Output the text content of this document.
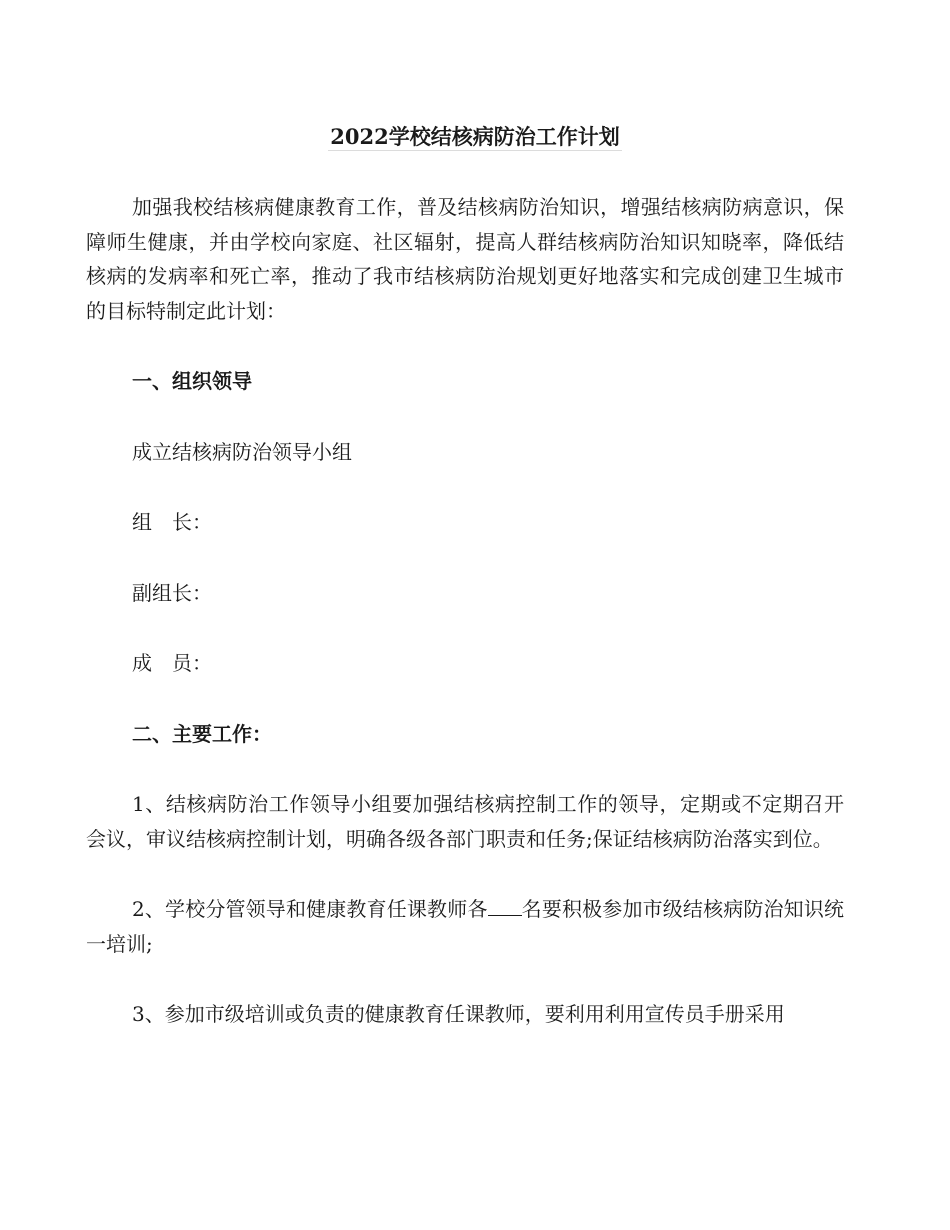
2022学校结核病防治工作计划

加强我校结核病健康教育工作，普及结核病防治知识，增强结核病防病意识，保障师生健康，并由学校向家庭、社区辐射，提高人群结核病防治知识知晓率，降低结核病的发病率和死亡率，推动了我市结核病防治规划更好地落实和完成创建卫生城市的目标特制定此计划：

一、组织领导

成立结核病防治领导小组

组　长：

副组长：

成　员：

二、主要工作：

1、结核病防治工作领导小组要加强结核病控制工作的领导，定期或不定期召开会议，审议结核病控制计划，明确各级各部门职责和任务;保证结核病防治落实到位。

2、学校分管领导和健康教育任课教师各 名要积极参加市级结核病防治知识统一培训;

3、参加市级培训或负责的健康教育任课教师，要利用利用宣传员手册采用
